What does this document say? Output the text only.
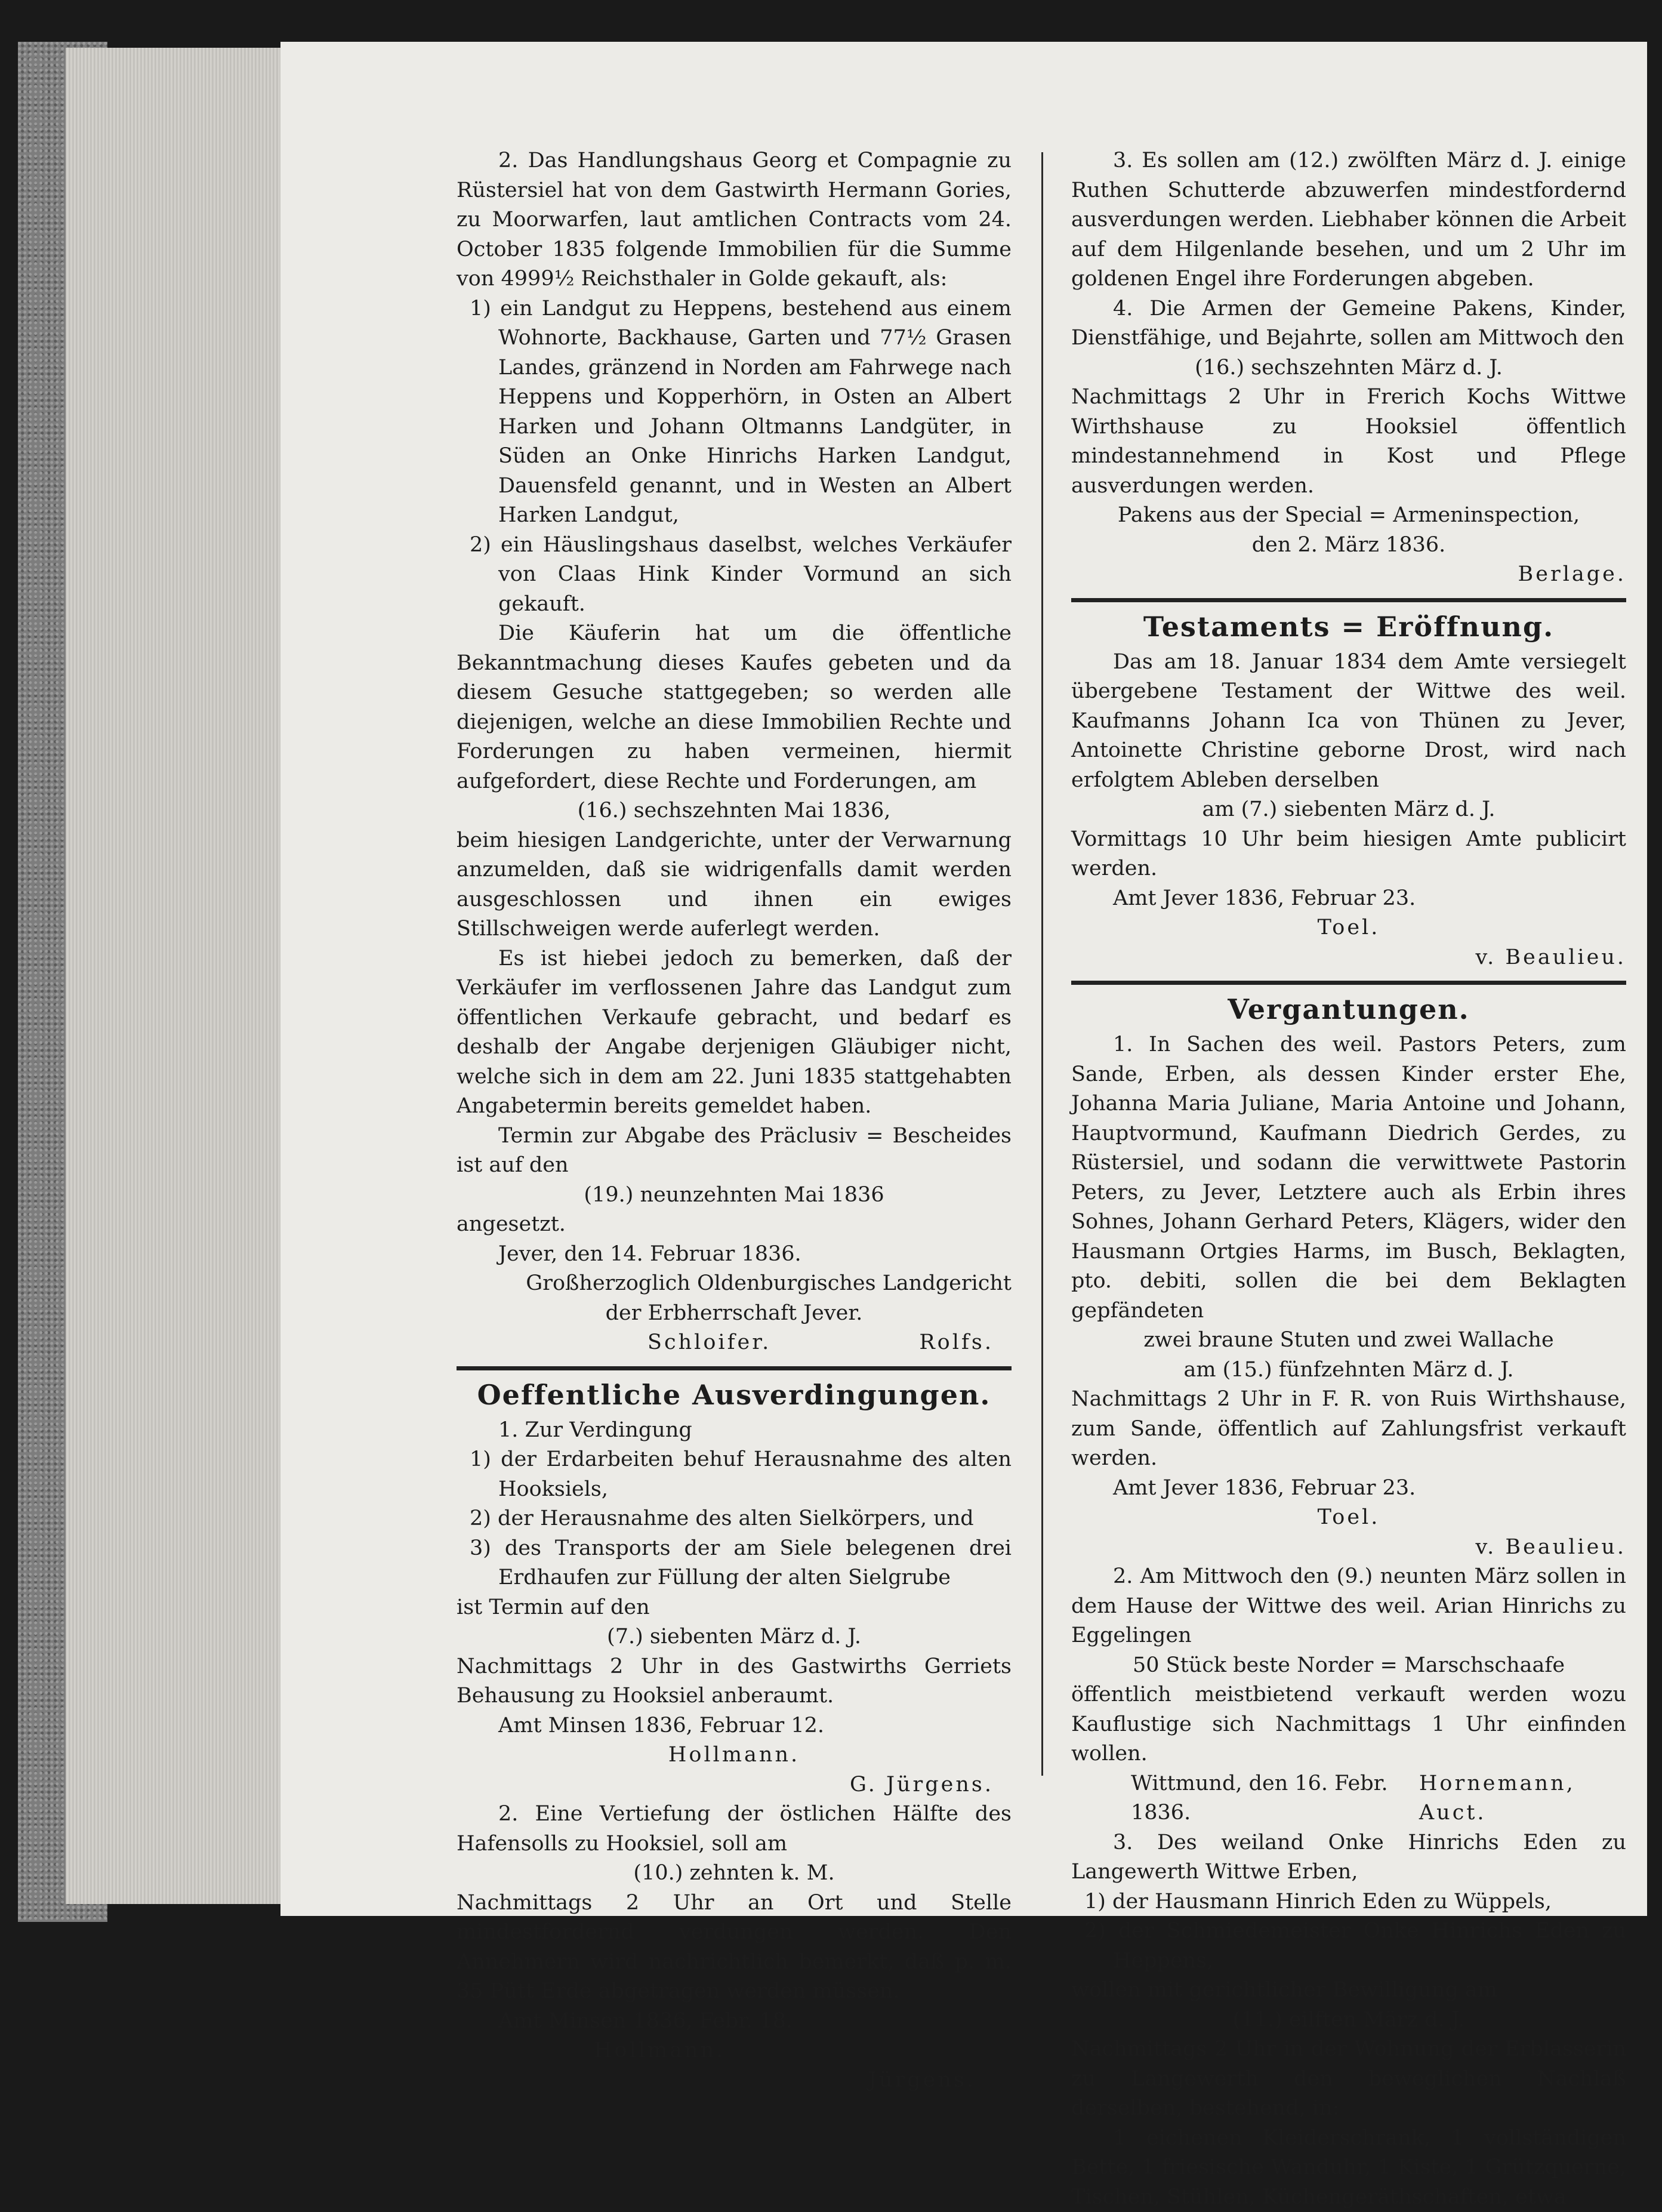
2. Das Handlungshaus Georg et Compagnie zu Rüstersiel hat von dem Gastwirth Hermann Gories, zu Moorwarfen, laut amtlichen Contracts vom 24. October 1835 folgende Immobilien für die Summe von 4999½ Reichsthaler in Golde gekauft, als:

1) ein Landgut zu Heppens, bestehend aus einem Wohnorte, Backhause, Garten und 77½ Grasen Landes, gränzend in Norden am Fahrwege nach Heppens und Kopperhörn, in Osten an Albert Harken und Johann Oltmanns Landgüter, in Süden an Onke Hinrichs Harken Landgut, Dauensfeld genannt, und in Westen an Albert Harken Landgut,

2) ein Häuslingshaus daselbst, welches Verkäufer von Claas Hink Kinder Vormund an sich gekauft.

Die Käuferin hat um die öffentliche Bekanntmachung dieses Kaufes gebeten und da diesem Gesuche stattgegeben; so werden alle diejenigen, welche an diese Immobilien Rechte und Forderungen zu haben vermeinen, hiermit aufgefordert, diese Rechte und Forderungen, am

(16.) sechszehnten Mai 1836,

beim hiesigen Landgerichte, unter der Verwarnung anzumelden, daß sie widrigenfalls damit werden ausgeschlossen und ihnen ein ewiges Stillschweigen werde auferlegt werden.

Es ist hiebei jedoch zu bemerken, daß der Verkäufer im verflossenen Jahre das Landgut zum öffentlichen Verkaufe gebracht, und bedarf es deshalb der Angabe derjenigen Gläubiger nicht, welche sich in dem am 22. Juni 1835 stattgehabten Angabetermin bereits gemeldet haben.

Termin zur Abgabe des Präclusiv = Bescheides ist auf den

(19.) neunzehnten Mai 1836

angesetzt.

Jever, den 14. Februar 1836.

Großherzoglich Oldenburgisches Landgericht

der Erbherrschaft Jever.

Schloifer.	Rolfs.
Oeffentliche Ausverdingungen.

1. Zur Verdingung

1) der Erdarbeiten behuf Herausnahme des alten Hooksiels,

2) der Herausnahme des alten Sielkörpers, und

3) des Transports der am Siele belegenen drei Erdhaufen zur Füllung der alten Sielgrube

ist Termin auf den

(7.) siebenten März d. J.

Nachmittags 2 Uhr in des Gastwirths Gerriets Behausung zu Hooksiel anberaumt.

Amt Minsen 1836, Februar 12.

Hollmann.

G. Jürgens.

2. Eine Vertiefung der östlichen Hälfte des Hafensolls zu Hooksiel, soll am

(10.) zehnten k. M.

Nachmittags 2 Uhr an Ort und Stelle mindestfordernd verdungen werden. Den Annehmern wird nachrichtlich bemerkt, daß p. m. 35 Pütt Erde abgetragen werden müssen.

Amt Minsen 1836, Febr. 18.

Hollmann.

Jürgens.

3. Es sollen am (12.) zwölften März d. J. einige Ruthen Schutterde abzuwerfen mindestfordernd ausverdungen werden. Liebhaber können die Arbeit auf dem Hilgenlande besehen, und um 2 Uhr im goldenen Engel ihre Forderungen abgeben.

4. Die Armen der Gemeine Pakens, Kinder, Dienstfähige, und Bejahrte, sollen am Mittwoch den

(16.) sechszehnten März d. J.

Nachmittags 2 Uhr in Frerich Kochs Wittwe Wirthshause zu Hooksiel öffentlich mindestannehmend in Kost und Pflege ausverdungen werden.

Pakens aus der Special = Armeninspection,

den 2. März 1836.

Berlage.

Testaments = Eröffnung.

Das am 18. Januar 1834 dem Amte versiegelt übergebene Testament der Wittwe des weil. Kaufmanns Johann Ica von Thünen zu Jever, Antoinette Christine geborne Drost, wird nach erfolgtem Ableben derselben

am (7.) siebenten März d. J.

Vormittags 10 Uhr beim hiesigen Amte publicirt werden.

Amt Jever 1836, Februar 23.

Toel.

v. Beaulieu.

Vergantungen.

1. In Sachen des weil. Pastors Peters, zum Sande, Erben, als dessen Kinder erster Ehe, Johanna Maria Juliane, Maria Antoine und Johann, Hauptvormund, Kaufmann Diedrich Gerdes, zu Rüstersiel, und sodann die verwittwete Pastorin Peters, zu Jever, Letztere auch als Erbin ihres Sohnes, Johann Gerhard Peters, Klägers, wider den Hausmann Ortgies Harms, im Busch, Beklagten, pto. debiti, sollen die bei dem Beklagten gepfändeten

zwei braune Stuten und zwei Wallache

am (15.) fünfzehnten März d. J.

Nachmittags 2 Uhr in F. R. von Ruis Wirthshause, zum Sande, öffentlich auf Zahlungsfrist verkauft werden.

Amt Jever 1836, Februar 23.

Toel.

v. Beaulieu.

2. Am Mittwoch den (9.) neunten März sollen in dem Hause der Wittwe des weil. Arian Hinrichs zu Eggelingen

50 Stück beste Norder = Marschschaafe

öffentlich meistbietend verkauft werden wozu Kauflustige sich Nachmittags 1 Uhr einfinden wollen.

Wittmund, den 16. Febr. 1836.
Hornemann, Auct.

3. Des weiland Onke Hinrichs Eden zu Langewerth Wittwe Erben,

1) der Hausmann Hinrich Eden zu Wüppels,

2) der Schmiedemeister Onke Hinrichs Eden zu Heppens,

wollen mit gerichtlicher Bewilligung am

(11.) eilften März d. J.

Nachmittags 2 Uhr in der Wohnung der Erblasserin zu Langewerth den beweglichen Nachlaß derselben, bestehend, in:

1 eichenen Kleiderschrank, 1 vollständigen Bette, 1 friesische Wanduhr, 1 Kiste, 1 Grützquerne, Tischen, Stühlen, Küchengeräthschaften, etwa
